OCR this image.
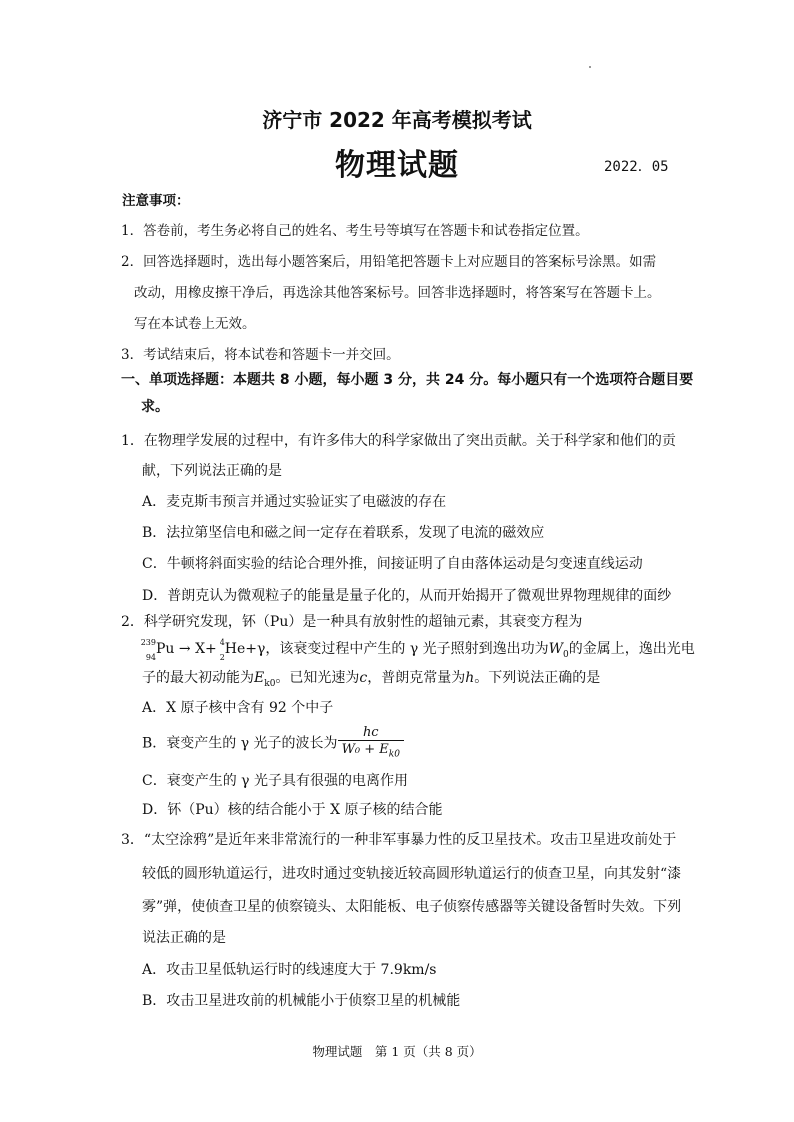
济宁市 2022 年高考模拟考试
物理试题	2022．05
注意事项：
1．答卷前，考生务必将自己的姓名、考生号等填写在答题卡和试卷指定位置。
2．回答选择题时，选出每小题答案后，用铅笔把答题卡上对应题目的答案标号涂黑。如需
改动，用橡皮擦干净后，再选涂其他答案标号。回答非选择题时，将答案写在答题卡上。
写在本试卷上无效。
3．考试结束后，将本试卷和答题卡一并交回。
一、单项选择题：本题共 8 小题，每小题 3 分，共 24 分。每小题只有一个选项符合题目要
求。
1．在物理学发展的过程中，有许多伟大的科学家做出了突出贡献。关于科学家和他们的贡
献，下列说法正确的是
A．麦克斯韦预言并通过实验证实了电磁波的存在
B．法拉第坚信电和磁之间一定存在着联系，发现了电流的磁效应
C．牛顿将斜面实验的结论合理外推，间接证明了自由落体运动是匀变速直线运动
D．普朗克认为微观粒子的能量是量子化的，从而开始揭开了微观世界物理规律的面纱
2．科学研究发现，钚（Pu）是一种具有放射性的超铀元素，其衰变方程为
239
94
Pu → X+ 4
2
He+γ，该衰变过程中产生的 γ 光子照射到逸出功为$W_0$的金属上，逸出光电
子的最大初动能为$E_{k0}$。已知光速为c，普朗克常量为h。下列说法正确的是
A．X 原子核中含有 92 个中子
B．衰变产生的 γ 光子的波长为 $\frac{hc}{W_0 + E_{k0}}$
C．衰变产生的 γ 光子具有很强的电离作用
D．钚（Pu）核的结合能小于 X 原子核的结合能
3．“太空涂鸦”是近年来非常流行的一种非军事暴力性的反卫星技术。攻击卫星进攻前处于
较低的圆形轨道运行，进攻时通过变轨接近较高圆形轨道运行的侦查卫星，向其发射“漆
雾”弹，使侦查卫星的侦察镜头、太阳能板、电子侦察传感器等关键设备暂时失效。下列
说法正确的是
A．攻击卫星低轨运行时的线速度大于 7.9km/s
B．攻击卫星进攻前的机械能小于侦察卫星的机械能
物理试题　第 1 页（共 8 页）
